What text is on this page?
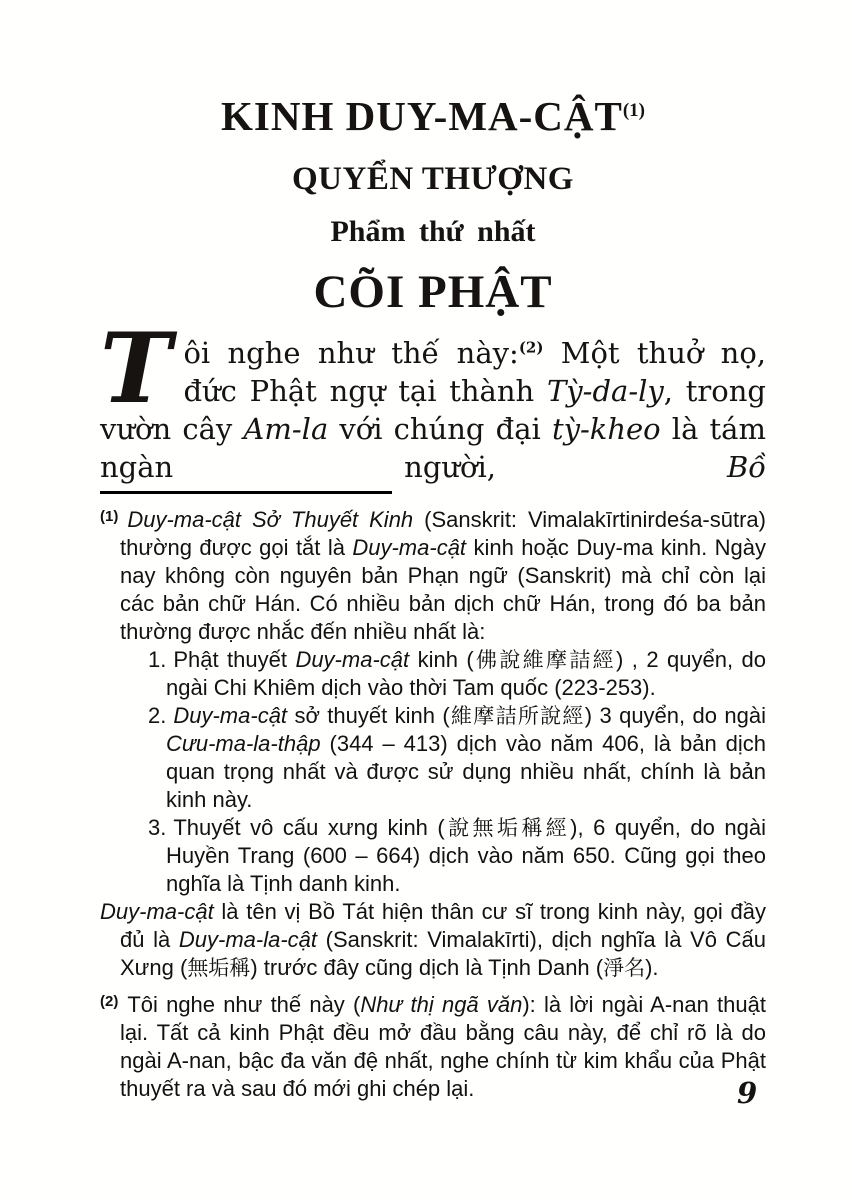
KINH DUY-MA-CẬT$^{(1)}$
QUYỂN THƯỢNG
Phẩm thứ nhất
CÕI PHẬT
Tôi nghe như thế này:$^{(2)}$ Một thuở nọ, đức Phật ngự tại thành Tỳ-da-ly, trong vườn cây Am-la với chúng đại tỳ-kheo là tám ngàn người, Bồ

$^{(1)}$ Duy-ma-cật Sở Thuyết Kinh (Sanskrit: Vimalakīrtinirdeśa-sūtra) thường được gọi tắt là Duy-ma-cật kinh hoặc Duy-ma kinh. Ngày nay không còn nguyên bản Phạn ngữ (Sanskrit) mà chỉ còn lại các bản chữ Hán. Có nhiều bản dịch chữ Hán, trong đó ba bản thường được nhắc đến nhiều nhất là:

1. Phật thuyết Duy-ma-cật kinh (佛說維摩詰經) , 2 quyển, do ngài Chi Khiêm dịch vào thời Tam quốc (223-253).
2. Duy-ma-cật sở thuyết kinh (維摩詰所說經) 3 quyển, do ngài Cưu-ma-la-thập (344 – 413) dịch vào năm 406, là bản dịch quan trọng nhất và được sử dụng nhiều nhất, chính là bản kinh này.
3. Thuyết vô cấu xưng kinh (說無垢稱經), 6 quyển, do ngài Huyền Trang (600 – 664) dịch vào năm 650. Cũng gọi theo nghĩa là Tịnh danh kinh.

Duy-ma-cật là tên vị Bồ Tát hiện thân cư sĩ trong kinh này, gọi đầy đủ là Duy-ma-la-cật (Sanskrit: Vimalakīrti), dịch nghĩa là Vô Cấu Xưng (無垢稱) trước đây cũng dịch là Tịnh Danh (淨名).

$^{(2)}$ Tôi nghe như thế này (Như thị ngã văn): là lời ngài A-nan thuật lại. Tất cả kinh Phật đều mở đầu bằng câu này, để chỉ rõ là do ngài A-nan, bậc đa văn đệ nhất, nghe chính từ kim khẩu của Phật thuyết ra và sau đó mới ghi chép lại.	9
